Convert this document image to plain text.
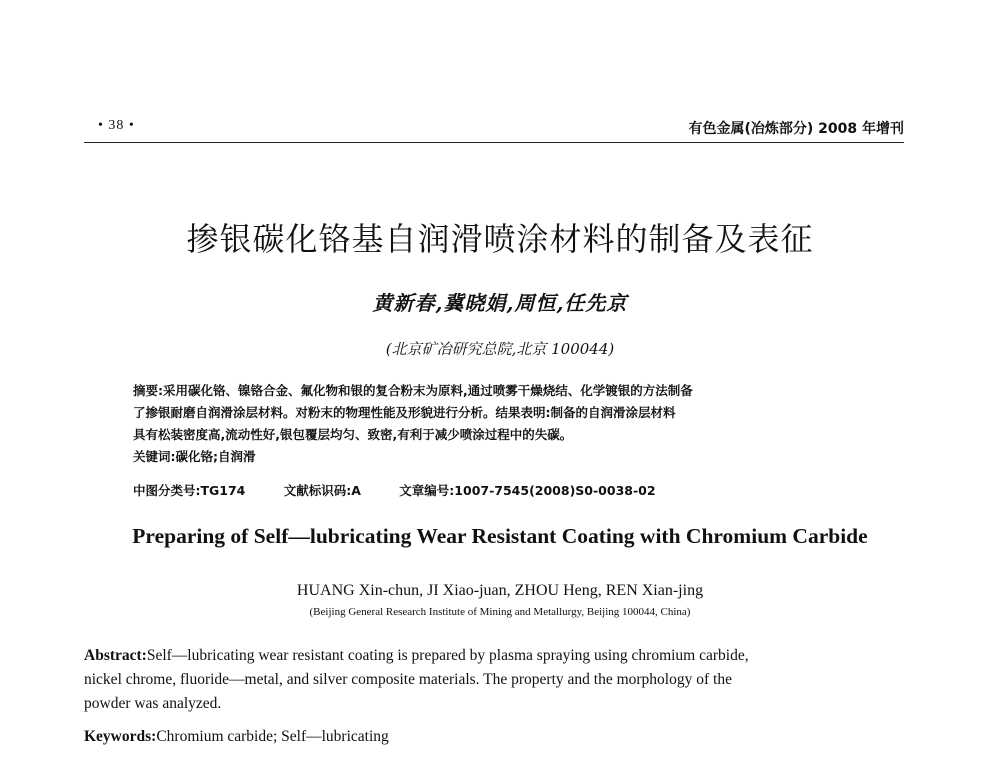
• 38 •	有色金属(冶炼部分) 2008 年增刊
掺银碳化铬基自润滑喷涂材料的制备及表征
黄新春,冀晓娟,周恒,任先京
(北京矿冶研究总院,北京 100044)
摘要:采用碳化铬、镍铬合金、氟化物和银的复合粉末为原料,通过喷雾干燥烧结、化学镀银的方法制备
了掺银耐磨自润滑涂层材料。对粉末的物理性能及形貌进行分析。结果表明:制备的自润滑涂层材料
具有松装密度高,流动性好,银包覆层均匀、致密,有利于减少喷涂过程中的失碳。
关键词:碳化铬;自润滑
中图分类号:TG174	文献标识码:A	文章编号:1007-7545(2008)S0-0038-02
Preparing of Self—lubricating Wear Resistant Coating with Chromium Carbide
HUANG Xin-chun, JI Xiao-juan, ZHOU Heng, REN Xian-jing
(Beijing General Research Institute of Mining and Metallurgy, Beijing 100044, China)
Abstract:Self—lubricating wear resistant coating is prepared by plasma spraying using chromium carbide,
nickel chrome, fluoride—metal, and silver composite materials. The property and the morphology of the
powder was analyzed.
Keywords:Chromium carbide; Self—lubricating
